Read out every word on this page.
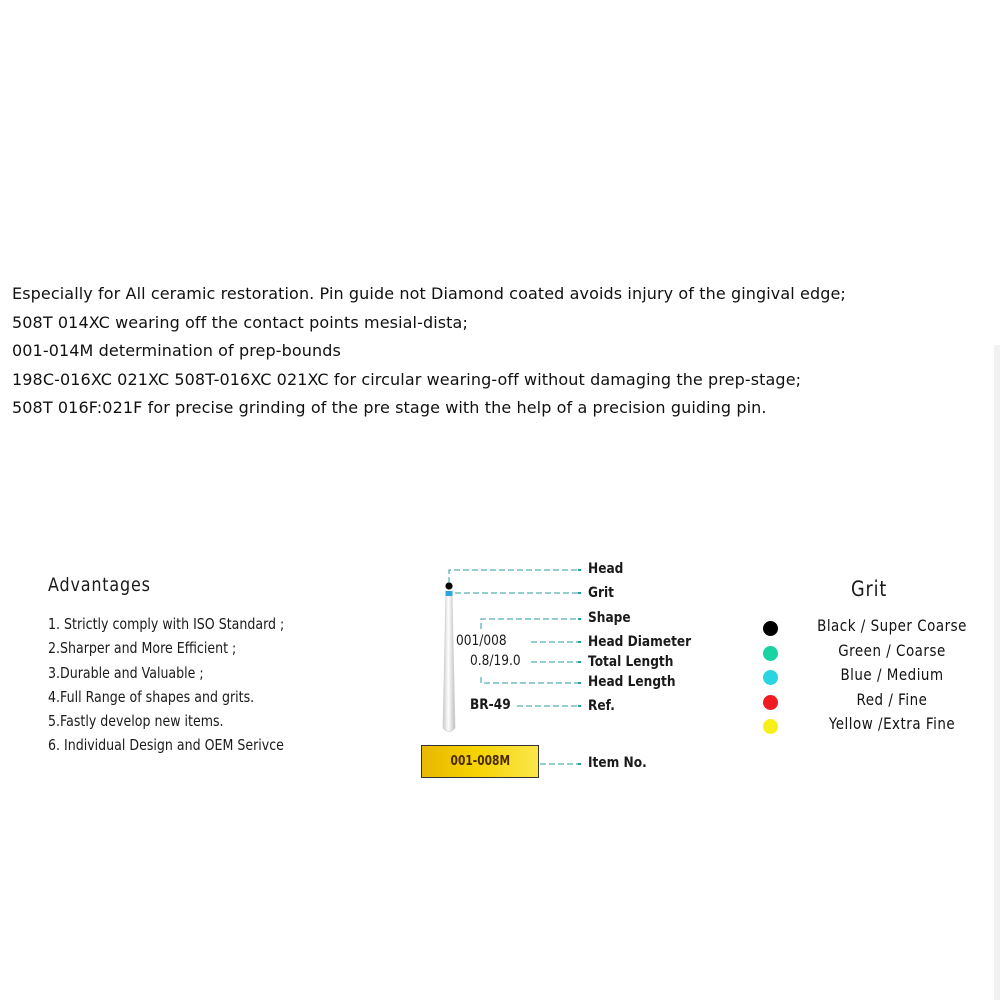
Especially for All ceramic restoration. Pin guide not Diamond coated avoids injury of the gingival edge;
508T 014XC wearing off the contact points mesial-dista;
001-014M determination of prep-bounds
198C-016XC 021XC 508T-016XC 021XC for circular wearing-off without damaging the prep-stage;
508T 016F:021F for precise grinding of the pre stage with the help of a precision guiding pin.
Advantages
1. Strictly comply with ISO Standard ;
2.Sharper and More Efficient ;
3.Durable and Valuable ;
4.Full Range of shapes and grits.
5.Fastly develop new items.
6. Individual Design and OEM Serivce
001/008
0.8/19.0
BR-49
Head
Grit
Shape
Head Diameter
Total Length
Head Length
Ref.
Item No.
001-008M
Grit
Black / Super Coarse
Green / Coarse
Blue / Medium
Red / Fine
Yellow /Extra Fine
